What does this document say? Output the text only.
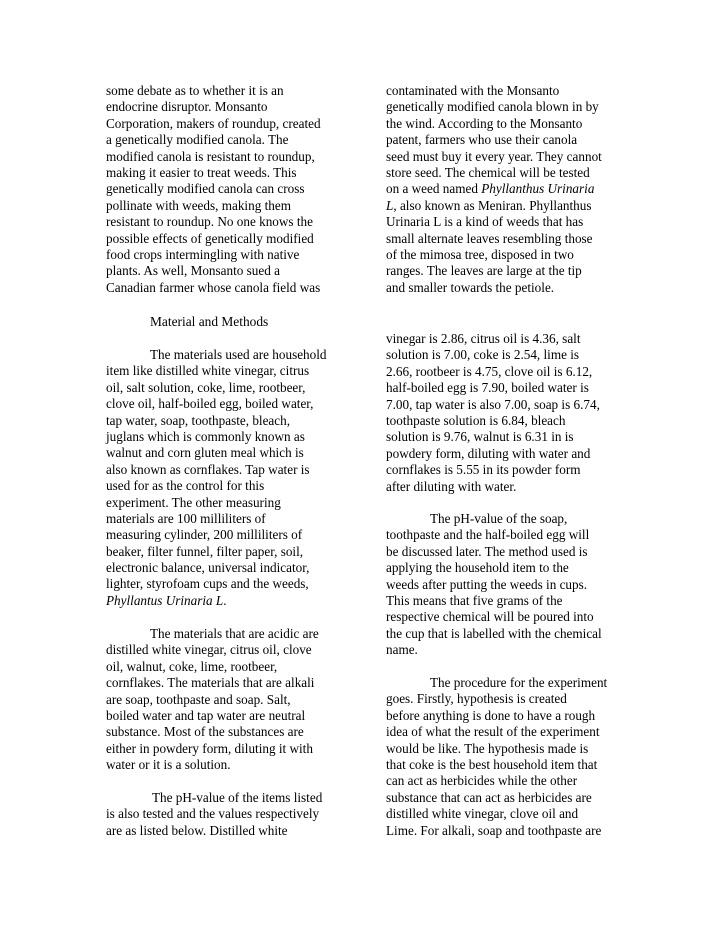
some debate as to whether it is an
endocrine disruptor. Monsanto
Corporation, makers of roundup, created
a genetically modified canola. The
modified canola is resistant to roundup,
making it easier to treat weeds. This
genetically modified canola can cross
pollinate with weeds, making them
resistant to roundup. No one knows the
possible effects of genetically modified
food crops intermingling with native
plants. As well, Monsanto sued a
Canadian farmer whose canola field was
Material and Methods
The materials used are household
item like distilled white vinegar, citrus
oil, salt solution, coke, lime, rootbeer,
clove oil, half-boiled egg, boiled water,
tap water, soap, toothpaste, bleach,
juglans which is commonly known as
walnut and corn gluten meal which is
also known as cornflakes. Tap water is
used for as the control for this
experiment. The other measuring
materials are 100 milliliters of
measuring cylinder, 200 milliliters of
beaker, filter funnel, filter paper, soil,
electronic balance, universal indicator,
lighter, styrofoam cups and the weeds,
Phyllantus Urinaria L.
The materials that are acidic are
distilled white vinegar, citrus oil, clove
oil, walnut, coke, lime, rootbeer,
cornflakes. The materials that are alkali
are soap, toothpaste and soap. Salt,
boiled water and tap water are neutral
substance. Most of the substances are
either in powdery form, diluting it with
water or it is a solution.
The pH-value of the items listed
is also tested and the values respectively
are as listed below. Distilled white
contaminated with the Monsanto
genetically modified canola blown in by
the wind. According to the Monsanto
patent, farmers who use their canola
seed must buy it every year. They cannot
store seed. The chemical will be tested
on a weed named Phyllanthus Urinaria
L, also known as Meniran. Phyllanthus
Urinaria L is a kind of weeds that has
small alternate leaves resembling those
of the mimosa tree, disposed in two
ranges. The leaves are large at the tip
and smaller towards the petiole.
vinegar is 2.86, citrus oil is 4.36, salt
solution is 7.00, coke is 2.54, lime is
2.66, rootbeer is 4.75, clove oil is 6.12,
half-boiled egg is 7.90, boiled water is
7.00, tap water is also 7.00, soap is 6.74,
toothpaste solution is 6.84, bleach
solution is 9.76, walnut is 6.31 in is
powdery form, diluting with water and
cornflakes is 5.55 in its powder form
after diluting with water.
The pH-value of the soap,
toothpaste and the half-boiled egg will
be discussed later. The method used is
applying the household item to the
weeds after putting the weeds in cups.
This means that five grams of the
respective chemical will be poured into
the cup that is labelled with the chemical
name.
The procedure for the experiment
goes. Firstly, hypothesis is created
before anything is done to have a rough
idea of what the result of the experiment
would be like. The hypothesis made is
that coke is the best household item that
can act as herbicides while the other
substance that can act as herbicides are
distilled white vinegar, clove oil and
Lime. For alkali, soap and toothpaste are
